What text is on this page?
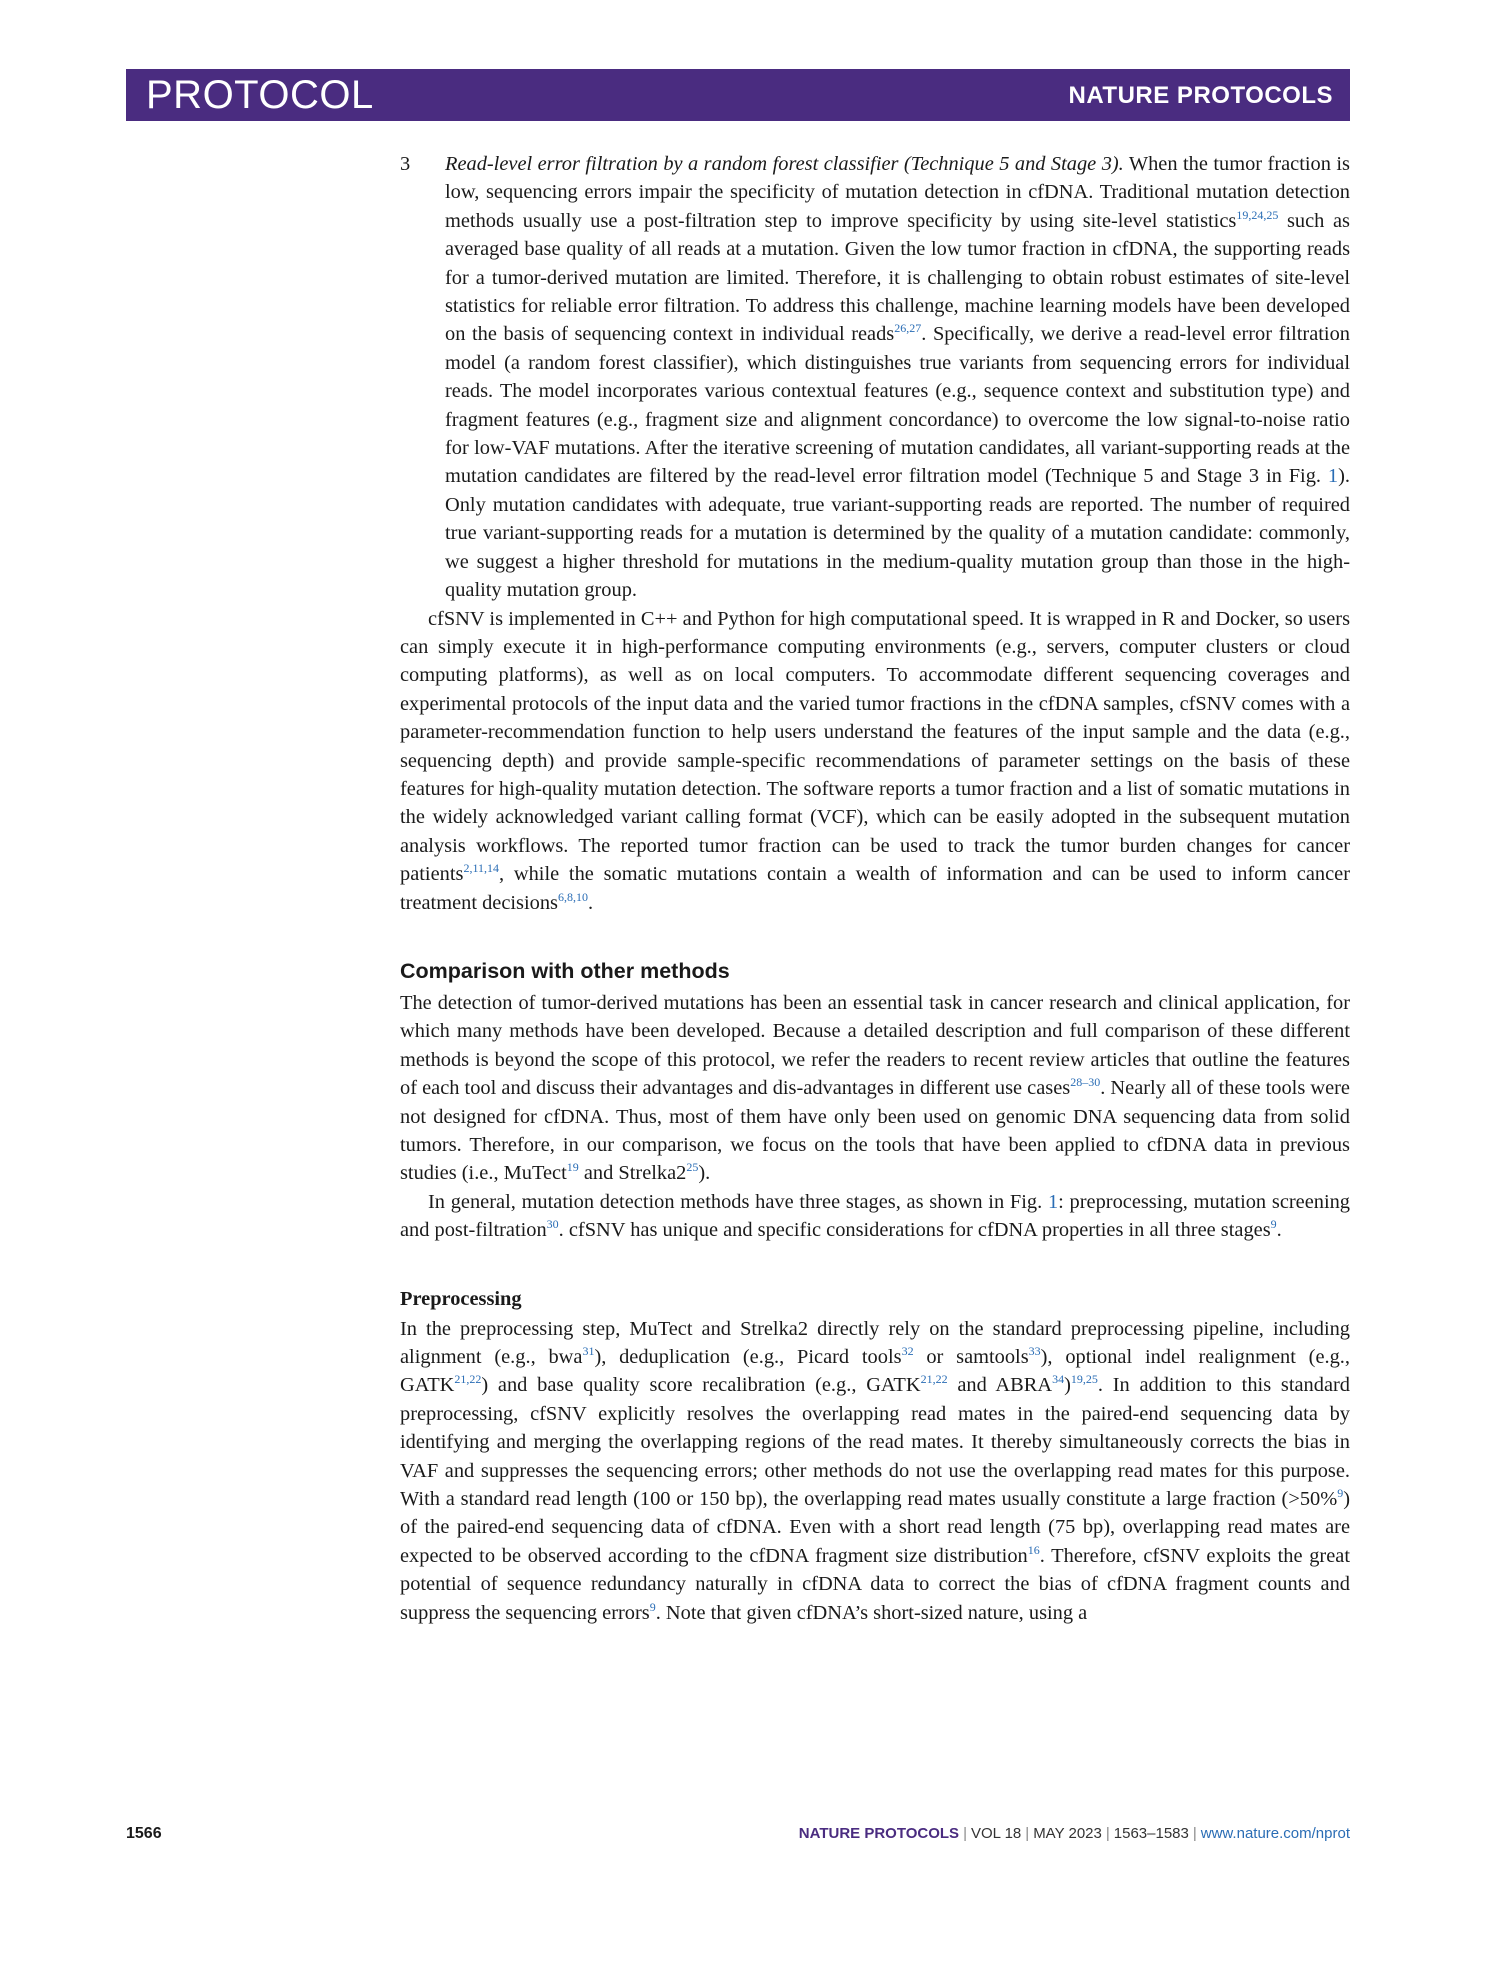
PROTOCOL	NATURE PROTOCOLS
3 Read-level error filtration by a random forest classifier (Technique 5 and Stage 3). When the tumor fraction is low, sequencing errors impair the specificity of mutation detection in cfDNA. Traditional mutation detection methods usually use a post-filtration step to improve specificity by using site-level statistics$^{19,24,25}$ such as averaged base quality of all reads at a mutation. Given the low tumor fraction in cfDNA, the supporting reads for a tumor-derived mutation are limited. Therefore, it is challenging to obtain robust estimates of site-level statistics for reliable error filtration. To address this challenge, machine learning models have been developed on the basis of sequencing context in individual reads$^{26,27}$. Specifically, we derive a read-level error filtration model (a random forest classifier), which distinguishes true variants from sequencing errors for individual reads. The model incorporates various contextual features (e.g., sequence context and substitution type) and fragment features (e.g., fragment size and alignment concordance) to overcome the low signal-to-noise ratio for low-VAF mutations. After the iterative screening of mutation candidates, all variant-supporting reads at the mutation candidates are filtered by the read-level error filtration model (Technique 5 and Stage 3 in Fig. 1). Only mutation candidates with adequate, true variant-supporting reads are reported. The number of required true variant-supporting reads for a mutation is determined by the quality of a mutation candidate: commonly, we suggest a higher threshold for mutations in the medium-quality mutation group than those in the high-quality mutation group.

cfSNV is implemented in C++ and Python for high computational speed. It is wrapped in R and Docker, so users can simply execute it in high-performance computing environments (e.g., servers, computer clusters or cloud computing platforms), as well as on local computers. To accommodate different sequencing coverages and experimental protocols of the input data and the varied tumor fractions in the cfDNA samples, cfSNV comes with a parameter-recommendation function to help users understand the features of the input sample and the data (e.g., sequencing depth) and provide sample-specific recommendations of parameter settings on the basis of these features for high-quality mutation detection. The software reports a tumor fraction and a list of somatic mutations in the widely acknowledged variant calling format (VCF), which can be easily adopted in the subsequent mutation analysis workflows. The reported tumor fraction can be used to track the tumor burden changes for cancer patients$^{2,11,14}$, while the somatic mutations contain a wealth of information and can be used to inform cancer treatment decisions$^{6,8,10}$.

Comparison with other methods

The detection of tumor-derived mutations has been an essential task in cancer research and clinical application, for which many methods have been developed. Because a detailed description and full comparison of these different methods is beyond the scope of this protocol, we refer the readers to recent review articles that outline the features of each tool and discuss their advantages and dis-advantages in different use cases$^{28-30}$. Nearly all of these tools were not designed for cfDNA. Thus, most of them have only been used on genomic DNA sequencing data from solid tumors. Therefore, in our comparison, we focus on the tools that have been applied to cfDNA data in previous studies (i.e., MuTect$^{19}$ and $Strelka2^{25}$).

In general, mutation detection methods have three stages, as shown in Fig. 1: preprocessing, mutation screening and post-filtration$^{30}$. cfSNV has unique and specific considerations for cfDNA properties in all three stages$^9$.

Preprocessing

In the preprocessing step, MuTect and Strelka2 directly rely on the standard preprocessing pipeline, including alignment (e.g., bwa$^{31}$), deduplication (e.g., Picard tools$^{32}$ or samtools$^{33}$), optional indel realignment (e.g., GATK$^{21,22}$) and base quality score recalibration (e.g., GATK$^{21,22}$ and ABRA$^{34}$)$^{19,25}$. In addition to this standard preprocessing, cfSNV explicitly resolves the overlapping read mates in the paired-end sequencing data by identifying and merging the overlapping regions of the read mates. It thereby simultaneously corrects the bias in VAF and suppresses the sequencing errors; other methods do not use the overlapping read mates for this purpose. With a standard read length (100 or 150 bp), the overlapping read mates usually constitute a large fraction (>50%$^9$) of the paired-end sequencing data of cfDNA. Even with a short read length (75 bp), overlapping read mates are expected to be observed according to the cfDNA fragment size distribution$^{16}$. Therefore, cfSNV exploits the great potential of sequence redundancy naturally in cfDNA data to correct the bias of cfDNA fragment counts and suppress the sequencing errors$^9$. Note that given cfDNA’s short-sized nature, using a

1566	NATURE PROTOCOLS | VOL 18 | MAY 2023 | 1563–1583 | www.nature.com/nprot
